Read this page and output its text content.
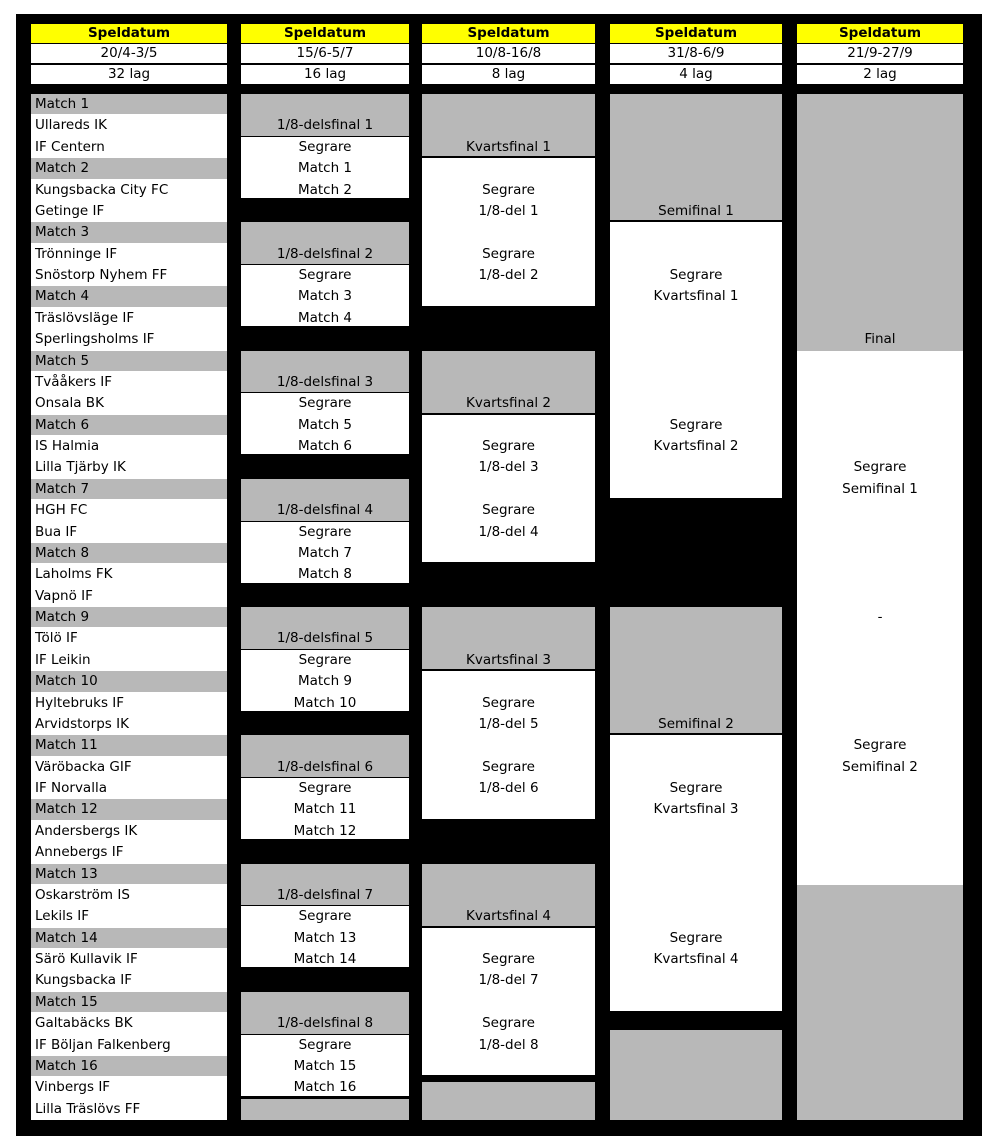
Speldatum
20/4-3/5
32 lag
Match 1
Ullareds IK
IF Centern
Match 2
Kungsbacka City FC
Getinge IF
Match 3
Trönninge IF
Snöstorp Nyhem FF
Match 4
Träslövsläge IF
Sperlingsholms IF
Match 5
Tvååkers IF
Onsala BK
Match 6
IS Halmia
Lilla Tjärby IK
Match 7
HGH FC
Bua IF
Match 8
Laholms FK
Vapnö IF
Match 9
Tölö IF
IF Leikin
Match 10
Hyltebruks IF
Arvidstorps IK
Match 11
Väröbacka GIF
IF Norvalla
Match 12
Andersbergs IK
Annebergs IF
Match 13
Oskarström IS
Lekils IF
Match 14
Särö Kullavik IF
Kungsbacka IF
Match 15
Galtabäcks BK
IF Böljan Falkenberg
Match 16
Vinbergs IF
Lilla Träslövs FF
Speldatum
15/6-5/7
16 lag
1/8-delsfinal 1
Segrare
Match 1
Match 2
1/8-delsfinal 2
Segrare
Match 3
Match 4
1/8-delsfinal 3
Segrare
Match 5
Match 6
1/8-delsfinal 4
Segrare
Match 7
Match 8
1/8-delsfinal 5
Segrare
Match 9
Match 10
1/8-delsfinal 6
Segrare
Match 11
Match 12
1/8-delsfinal 7
Segrare
Match 13
Match 14
1/8-delsfinal 8
Segrare
Match 15
Match 16
Speldatum
10/8-16/8
8 lag
Kvartsfinal 1
Segrare
1/8-del 1
Segrare
1/8-del 2
Kvartsfinal 2
Segrare
1/8-del 3
Segrare
1/8-del 4
Kvartsfinal 3
Segrare
1/8-del 5
Segrare
1/8-del 6
Kvartsfinal 4
Segrare
1/8-del 7
Segrare
1/8-del 8
Speldatum
31/8-6/9
4 lag
Semifinal 1
Segrare
Kvartsfinal 1
Segrare
Kvartsfinal 2
Semifinal 2
Segrare
Kvartsfinal 3
Segrare
Kvartsfinal 4
Speldatum
21/9-27/9
2 lag
Final
Segrare
Semifinal 1
-
Segrare
Semifinal 2
